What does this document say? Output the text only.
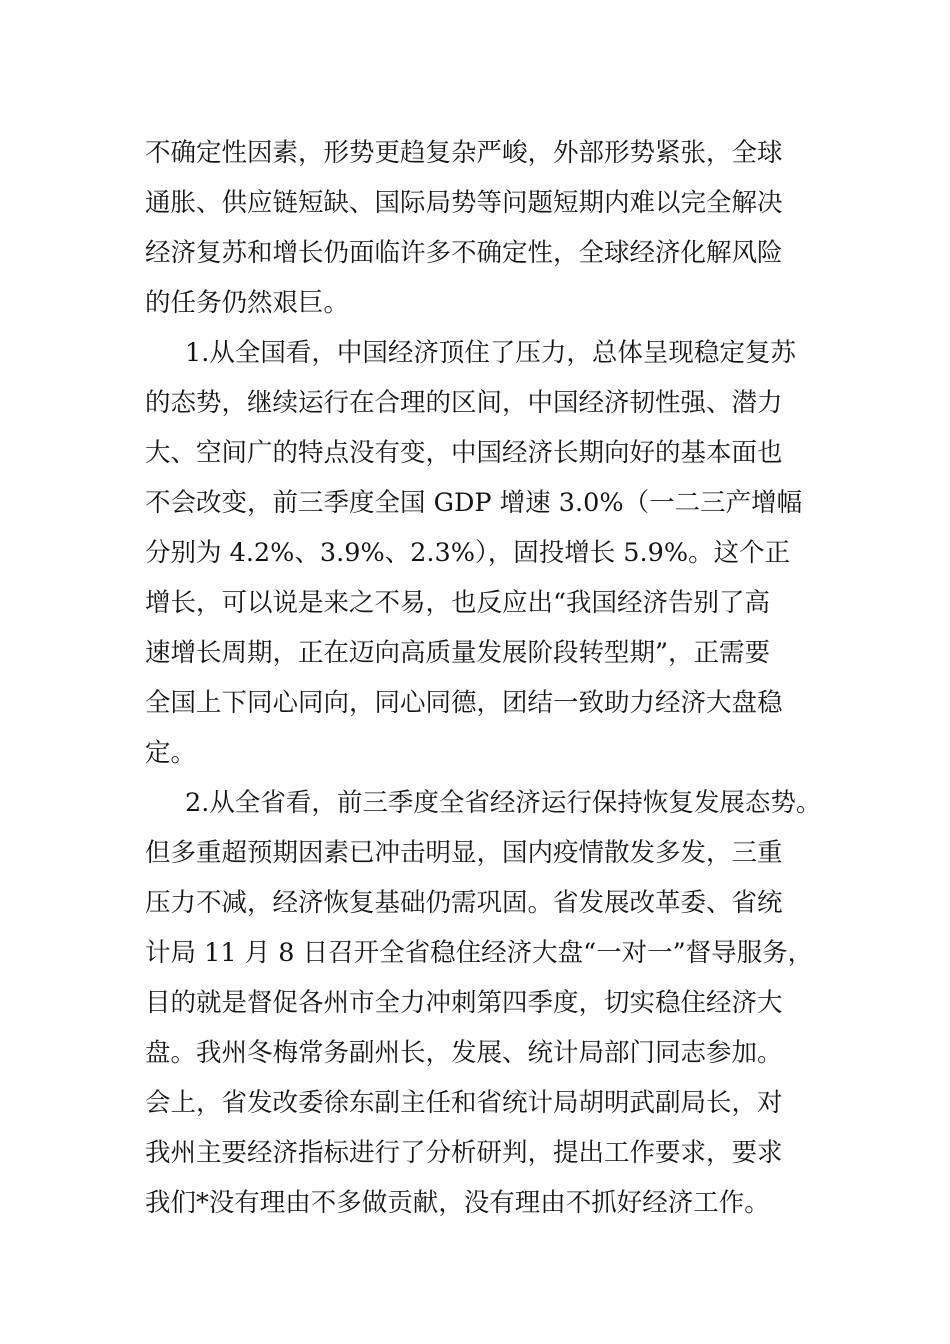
不确定性因素，形势更趋复杂严峻，外部形势紧张，全球
通胀、供应链短缺、国际局势等问题短期内难以完全解决
经济复苏和增长仍面临许多不确定性，全球经济化解风险
的任务仍然艰巨。
1.从全国看，中国经济顶住了压力，总体呈现稳定复苏
的态势，继续运行在合理的区间，中国经济韧性强、潜力
大、空间广的特点没有变，中国经济长期向好的基本面也
不会改变，前三季度全国 GDP 增速 3.0%（一二三产增幅
分别为 4.2%、3.9%、2.3%），固投增长 5.9%。这个正
增长，可以说是来之不易，也反应出“我国经济告别了高
速增长周期，正在迈向高质量发展阶段转型期”，正需要
全国上下同心同向，同心同德，团结一致助力经济大盘稳
定。
2.从全省看，前三季度全省经济运行保持恢复发展态势。
但多重超预期因素已冲击明显，国内疫情散发多发，三重
压力不减，经济恢复基础仍需巩固。省发展改革委、省统
计局 11 月 8 日召开全省稳住经济大盘“一对一”督导服务，
目的就是督促各州市全力冲刺第四季度，切实稳住经济大
盘。我州冬梅常务副州长，发展、统计局部门同志参加。
会上，省发改委徐东副主任和省统计局胡明武副局长，对
我州主要经济指标进行了分析研判，提出工作要求，要求
我们*没有理由不多做贡献，没有理由不抓好经济工作。
